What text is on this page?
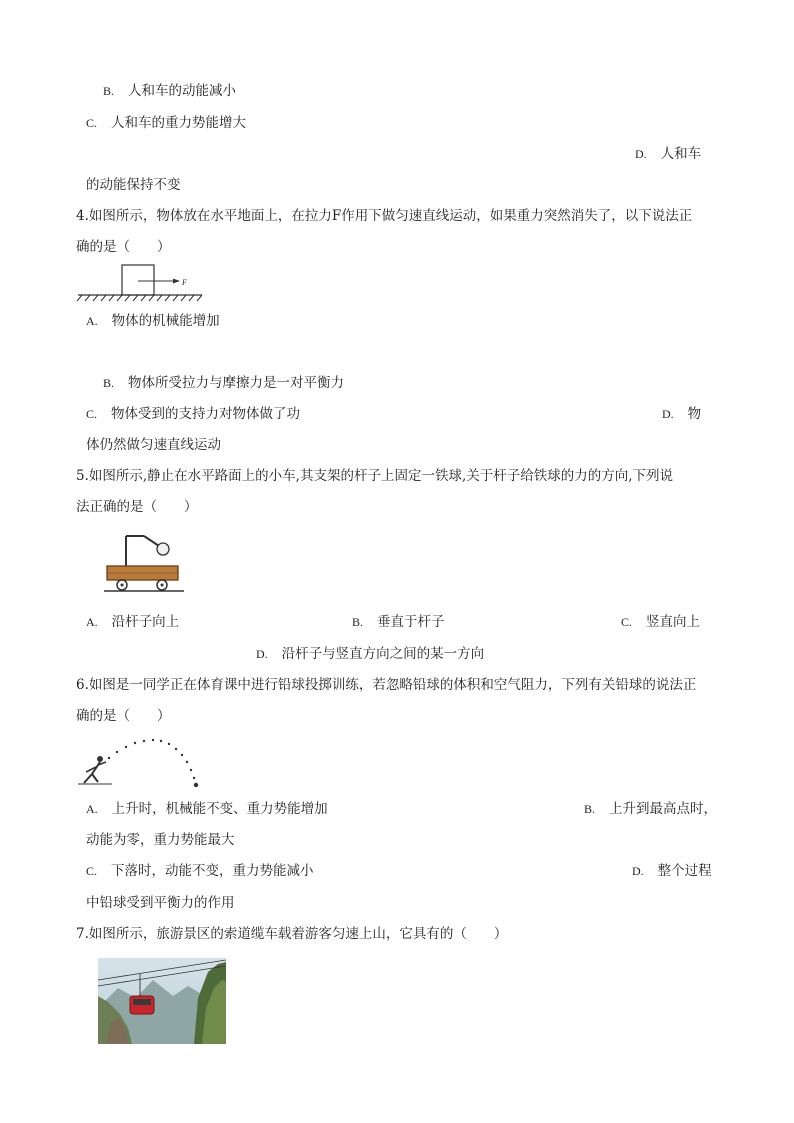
B. 人和车的动能减小
C. 人和车的重力势能增大
D. 人和车
的动能保持不变
4.如图所示，物体放在水平地面上，在拉力F作用下做匀速直线运动，如果重力突然消失了，以下说法正
确的是（　　）
F
A. 物体的机械能增加
B. 物体所受拉力与摩擦力是一对平衡力
C. 物体受到的支持力对物体做了功	D. 物
体仍然做匀速直线运动
5.如图所示,静止在水平路面上的小车,其支架的杆子上固定一铁球,关于杆子给铁球的力的方向,下列说
法正确的是（　　）
A. 沿杆子向上	B. 垂直于杆子	C. 竖直向上
D. 沿杆子与竖直方向之间的某一方向
6.如图是一同学正在体育课中进行铅球投掷训练，若忽略铅球的体积和空气阻力，下列有关铅球的说法正
确的是（　　）
A. 上升时，机械能不变、重力势能增加	B. 上升到最高点时，
动能为零，重力势能最大
C. 下落时，动能不变，重力势能减小	D. 整个过程
中铅球受到平衡力的作用
7.如图所示，旅游景区的索道缆车载着游客匀速上山，它具有的（　　）
